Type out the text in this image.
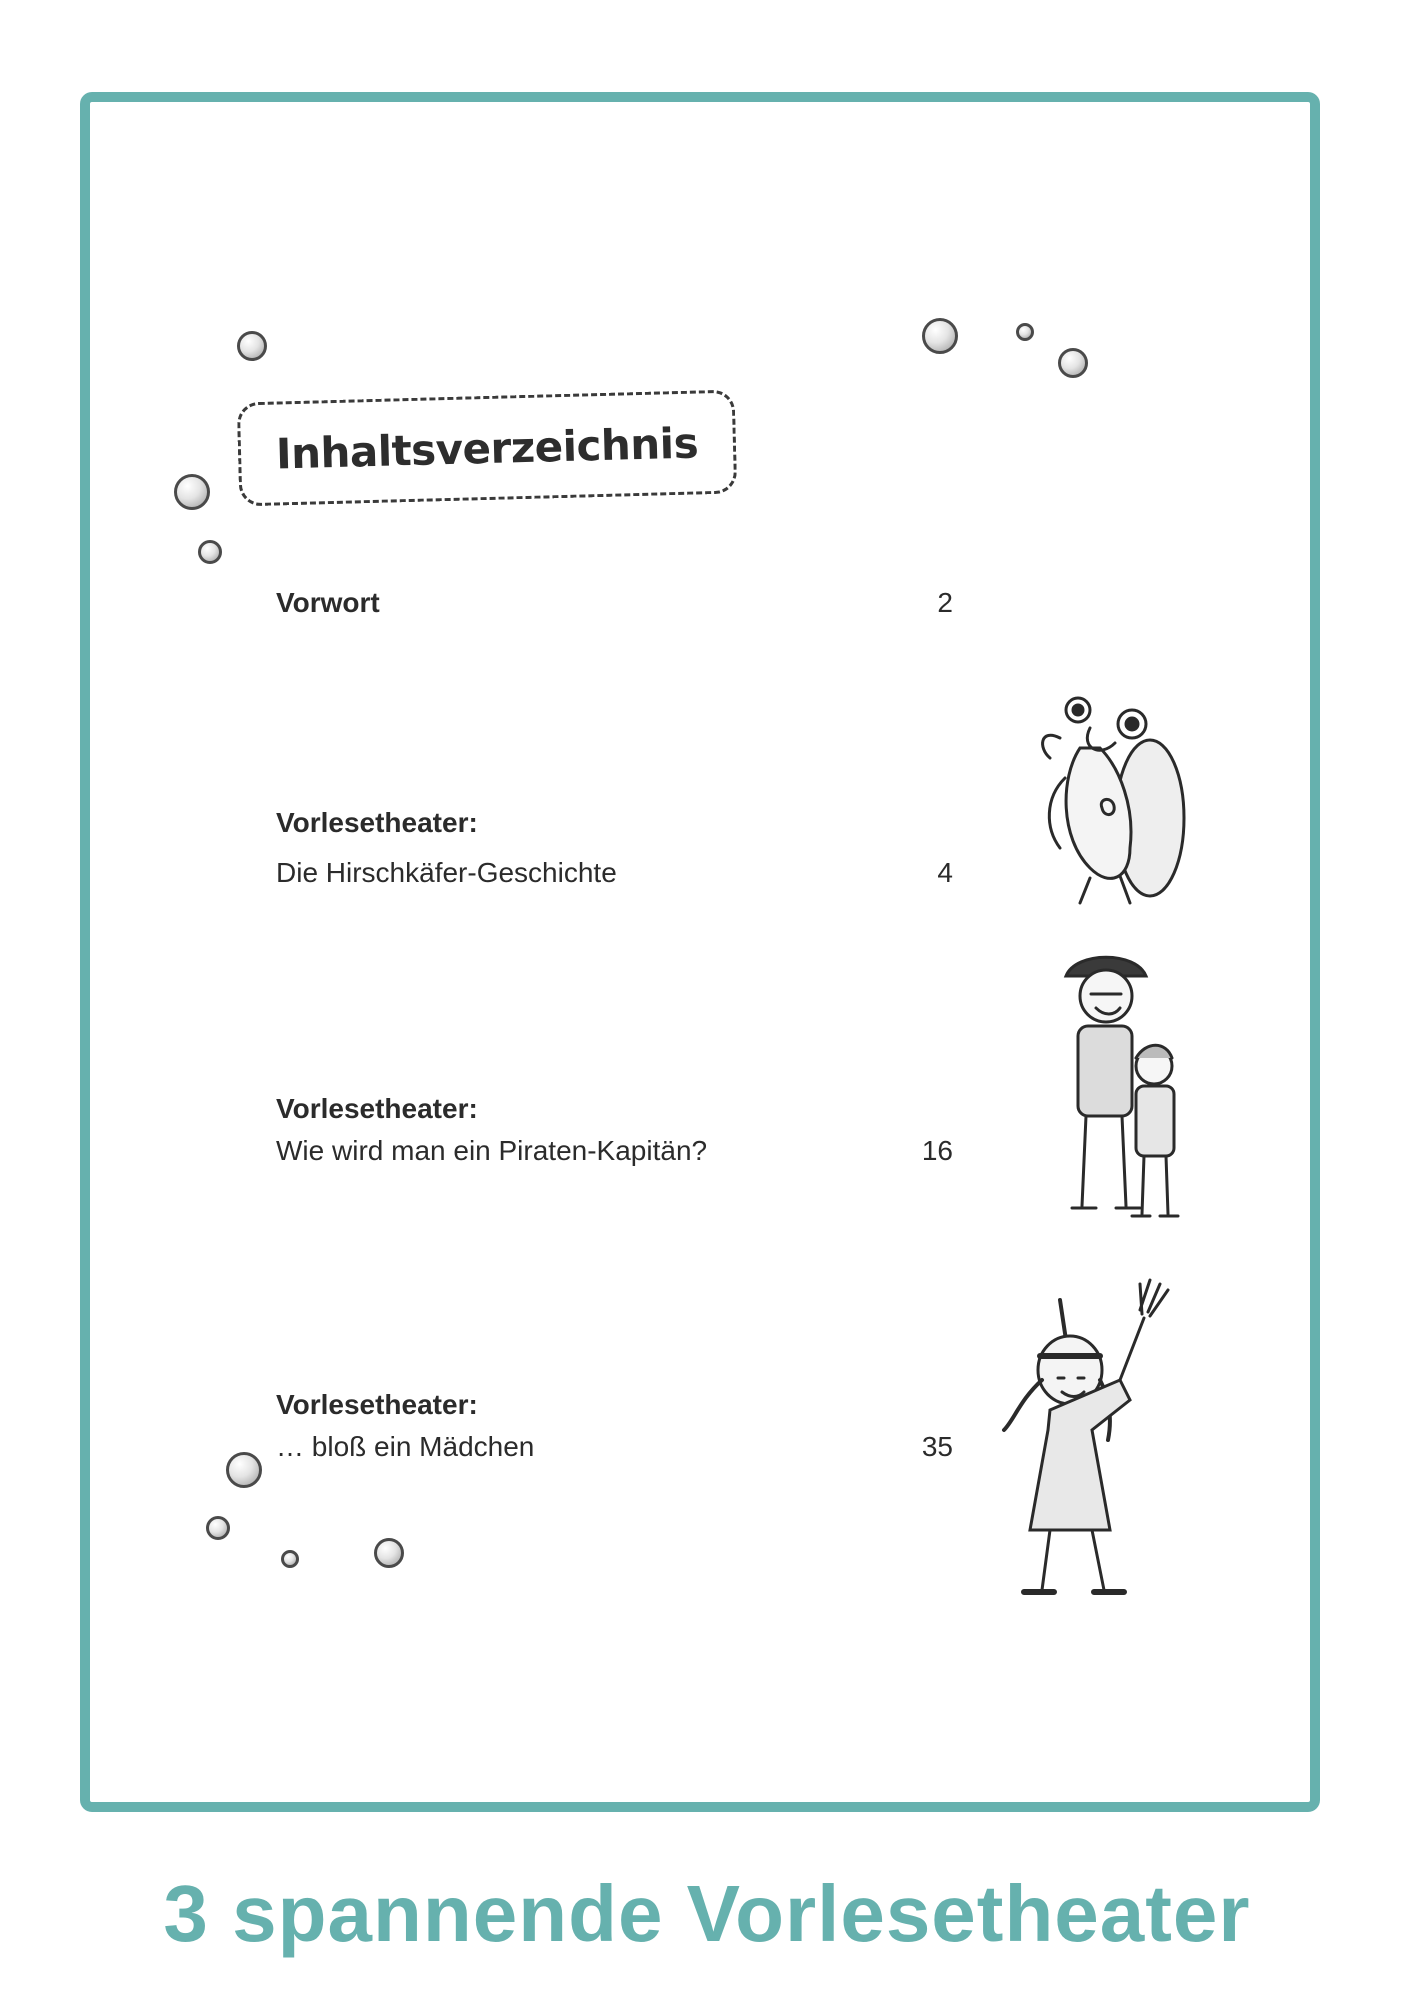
Inhaltsverzeichnis
Vorwort	2
Vorlesetheater:
Die Hirschkäfer-Geschichte	4
Vorlesetheater:
Wie wird man ein Piraten-Kapitän?	16
Vorlesetheater:
… bloß ein Mädchen	35
3 spannende Vorlesetheater
